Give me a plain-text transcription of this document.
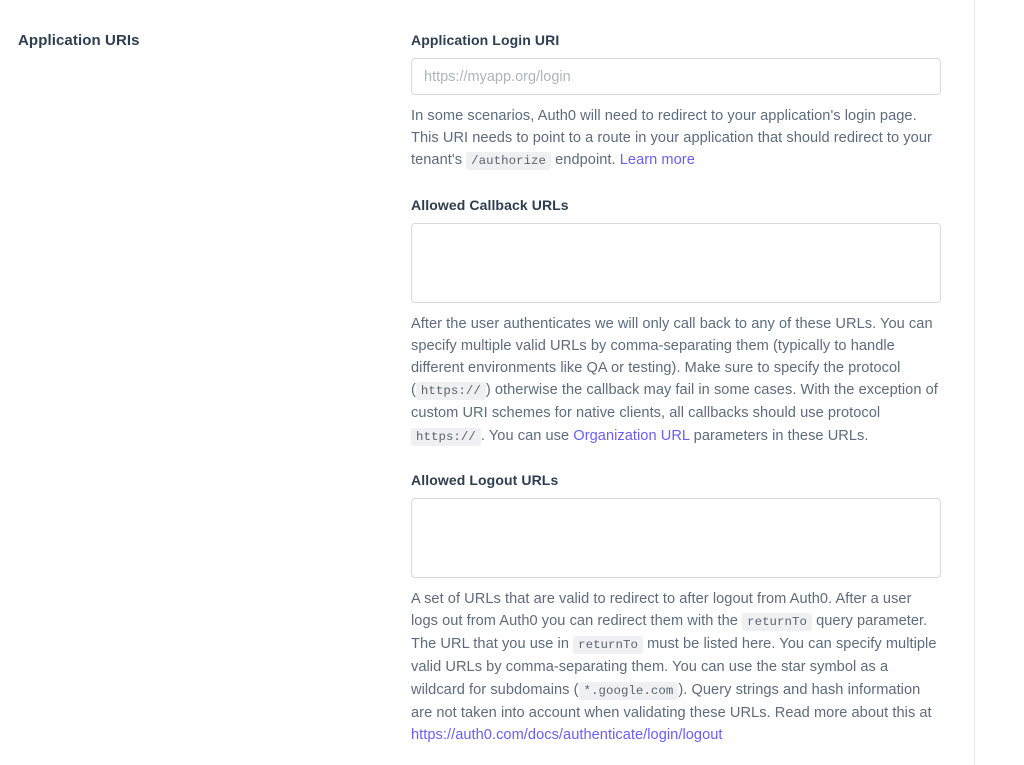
Application URIs	Application Login URI
https://myapp.org/login

In some scenarios, Auth0 will need to redirect to your application's login page. This URI needs to point to a route in your application that should redirect to your tenant's /authorize endpoint. Learn more

Allowed Callback URLs

After the user authenticates we will only call back to any of these URLs. You can specify multiple valid URLs by comma-separating them (typically to handle different environments like QA or testing). Make sure to specify the protocol ( https:// ) otherwise the callback may fail in some cases. With the exception of custom URI schemes for native clients, all callbacks should use protocol https:// . You can use Organization URL parameters in these URLs.

Allowed Logout URLs

A set of URLs that are valid to redirect to after logout from Auth0. After a user logs out from Auth0 you can redirect them with the returnTo query parameter. The URL that you use in returnTo must be listed here. You can specify multiple valid URLs by comma-separating them. You can use the star symbol as a wildcard for subdomains ( *.google.com ). Query strings and hash information are not taken into account when validating these URLs. Read more about this at https://auth0.com/docs/authenticate/login/logout
